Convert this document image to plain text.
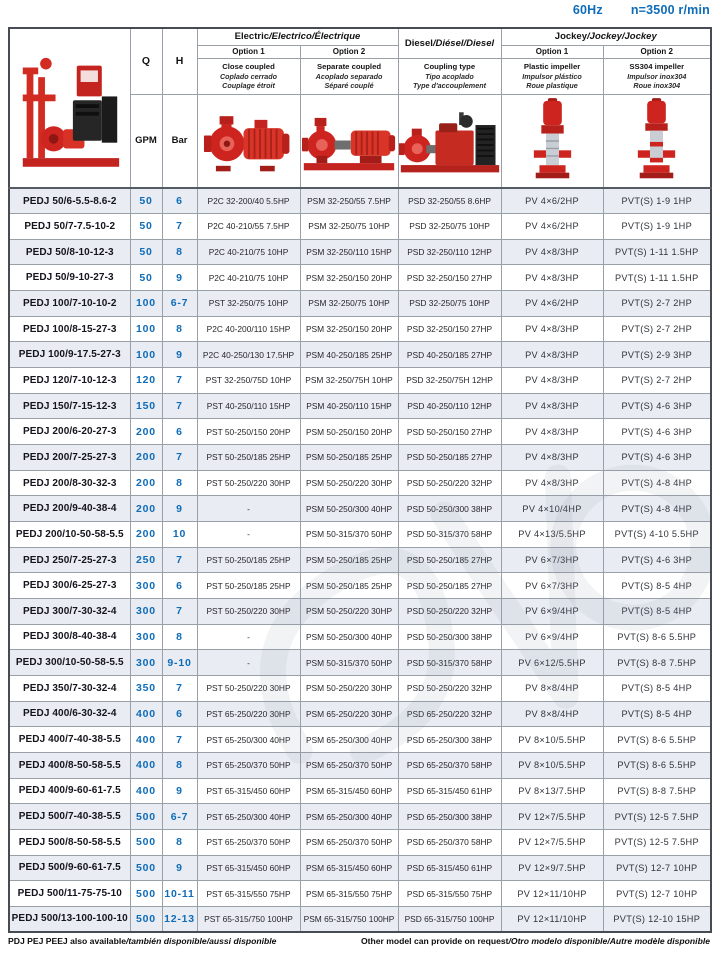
60Hz n=3500 r/min
	Q	H	Electric/Electrico/Électrique		Diesel/Diésel/Diesel	Jockey/Jockey/Jockey	
			Option 1	Option 2		Option 1	Option 2

			Close coupled
Coplado cerrado
Couplage étroit	Separate coupled
Acoplado separado
Séparé couplé	Coupling type
Tipo acoplado
Type d'accouplement	Plastic impeller
Impulsor plástico
Roue plastique	SS304 impeller
Impulsor inox304
Roue inox304

	GPM	Bar	

PEDJ 50/6-5.5-8.6-2	50	6	P2C 32-200/40 5.5HP	PSM 32-250/55 7.5HP	PSD 32-250/55 8.6HP	PV 4×6/2HP	PVT(S) 1-9 1HP
PEDJ 50/7-7.5-10-2	50	7	P2C 40-210/55 7.5HP	PSM 32-250/75 10HP	PSD 32-250/75 10HP	PV 4×6/2HP	PVT(S) 1-9 1HP
PEDJ 50/8-10-12-3	50	8	P2C 40-210/75 10HP	PSM 32-250/110 15HP	PSD 32-250/110 12HP	PV 4×8/3HP	PVT(S) 1-11 1.5HP
PEDJ 50/9-10-27-3	50	9	P2C 40-210/75 10HP	PSM 32-250/150 20HP	PSD 32-250/150 27HP	PV 4×8/3HP	PVT(S) 1-11 1.5HP
PEDJ 100/7-10-10-2	100	6-7	PST 32-250/75 10HP	PSM 32-250/75 10HP	PSD 32-250/75 10HP	PV 4×6/2HP	PVT(S) 2-7 2HP
PEDJ 100/8-15-27-3	100	8	P2C 40-200/110 15HP	PSM 32-250/150 20HP	PSD 32-250/150 27HP	PV 4×8/3HP	PVT(S) 2-7 2HP
PEDJ 100/9-17.5-27-3	100	9	P2C 40-250/130 17.5HP	PSM 40-250/185 25HP	PSD 40-250/185 27HP	PV 4×8/3HP	PVT(S) 2-9 3HP
PEDJ 120/7-10-12-3	120	7	PST 32-250/75D 10HP	PSM 32-250/75H 10HP	PSD 32-250/75H 12HP	PV 4×8/3HP	PVT(S) 2-7 2HP
PEDJ 150/7-15-12-3	150	7	PST 40-250/110 15HP	PSM 40-250/110 15HP	PSD 40-250/110 12HP	PV 4×8/3HP	PVT(S) 4-6 3HP
PEDJ 200/6-20-27-3	200	6	PST 50-250/150 20HP	PSM 50-250/150 20HP	PSD 50-250/150 27HP	PV 4×8/3HP	PVT(S) 4-6 3HP
PEDJ 200/7-25-27-3	200	7	PST 50-250/185 25HP	PSM 50-250/185 25HP	PSD 50-250/185 27HP	PV 4×8/3HP	PVT(S) 4-6 3HP
PEDJ 200/8-30-32-3	200	8	PST 50-250/220 30HP	PSM 50-250/220 30HP	PSD 50-250/220 32HP	PV 4×8/3HP	PVT(S) 4-8 4HP
PEDJ 200/9-40-38-4	200	9	-	PSM 50-250/300 40HP	PSD 50-250/300 38HP	PV 4×10/4HP	PVT(S) 4-8 4HP
PEDJ 200/10-50-58-5.5	200	10	-	PSM 50-315/370 50HP	PSD 50-315/370 58HP	PV 4×13/5.5HP	PVT(S) 4-10 5.5HP
PEDJ 250/7-25-27-3	250	7	PST 50-250/185 25HP	PSM 50-250/185 25HP	PSD 50-250/185 27HP	PV 6×7/3HP	PVT(S) 4-6 3HP
PEDJ 300/6-25-27-3	300	6	PST 50-250/185 25HP	PSM 50-250/185 25HP	PSD 50-250/185 27HP	PV 6×7/3HP	PVT(S) 8-5 4HP
PEDJ 300/7-30-32-4	300	7	PST 50-250/220 30HP	PSM 50-250/220 30HP	PSD 50-250/220 32HP	PV 6×9/4HP	PVT(S) 8-5 4HP
PEDJ 300/8-40-38-4	300	8	-	PSM 50-250/300 40HP	PSD 50-250/300 38HP	PV 6×9/4HP	PVT(S) 8-6 5.5HP
PEDJ 300/10-50-58-5.5	300	9-10	-	PSM 50-315/370 50HP	PSD 50-315/370 58HP	PV 6×12/5.5HP	PVT(S) 8-8 7.5HP
PEDJ 350/7-30-32-4	350	7	PST 50-250/220 30HP	PSM 50-250/220 30HP	PSD 50-250/220 32HP	PV 8×8/4HP	PVT(S) 8-5 4HP
PEDJ 400/6-30-32-4	400	6	PST 65-250/220 30HP	PSM 65-250/220 30HP	PSD 65-250/220 32HP	PV 8×8/4HP	PVT(S) 8-5 4HP
PEDJ 400/7-40-38-5.5	400	7	PST 65-250/300 40HP	PSM 65-250/300 40HP	PSD 65-250/300 38HP	PV 8×10/5.5HP	PVT(S) 8-6 5.5HP
PEDJ 400/8-50-58-5.5	400	8	PST 65-250/370 50HP	PSM 65-250/370 50HP	PSD 65-250/370 58HP	PV 8×10/5.5HP	PVT(S) 8-6 5.5HP
PEDJ 400/9-60-61-7.5	400	9	PST 65-315/450 60HP	PSM 65-315/450 60HP	PSD 65-315/450 61HP	PV 8×13/7.5HP	PVT(S) 8-8 7.5HP
PEDJ 500/7-40-38-5.5	500	6-7	PST 65-250/300 40HP	PSM 65-250/300 40HP	PSD 65-250/300 38HP	PV 12×7/5.5HP	PVT(S) 12-5 7.5HP
PEDJ 500/8-50-58-5.5	500	8	PST 65-250/370 50HP	PSM 65-250/370 50HP	PSD 65-250/370 58HP	PV 12×7/5.5HP	PVT(S) 12-5 7.5HP
PEDJ 500/9-60-61-7.5	500	9	PST 65-315/450 60HP	PSM 65-315/450 60HP	PSD 65-315/450 61HP	PV 12×9/7.5HP	PVT(S) 12-7 10HP
PEDJ 500/11-75-75-10	500	10-11	PST 65-315/550 75HP	PSM 65-315/550 75HP	PSD 65-315/550 75HP	PV 12×11/10HP	PVT(S) 12-7 10HP
PEDJ 500/13-100-100-10	500	12-13	PST 65-315/750 100HP	PSM 65-315/750 100HP	PSD 65-315/750 100HP	PV 12×11/10HP	PVT(S) 12-10 15HP
PDJ PEJ PEEJ also available/también disponible/aussi disponible	Other model can provide on request/Otro modelo disponible/Autre modèle disponible
